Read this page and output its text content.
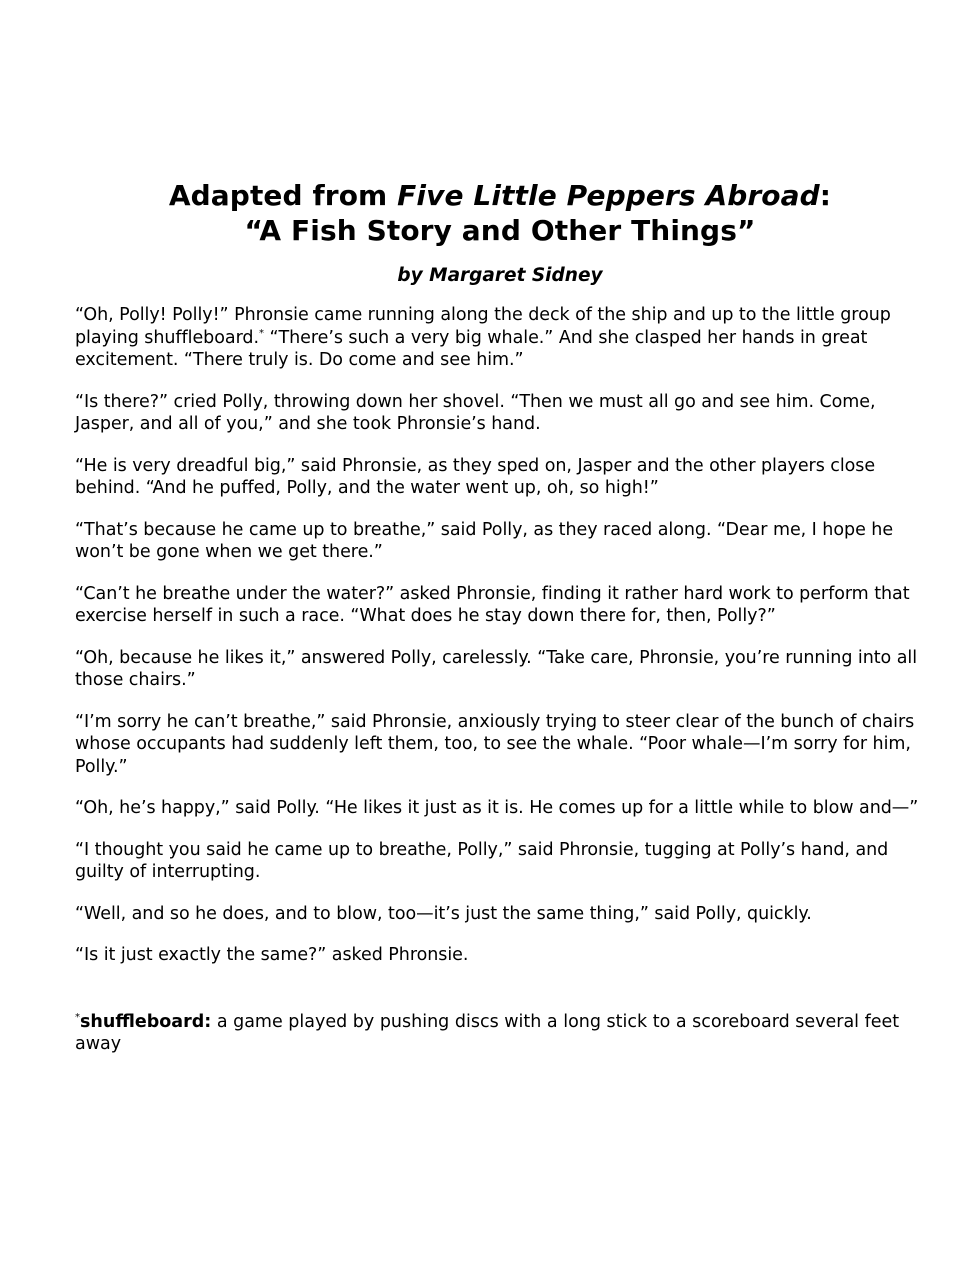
Adapted from Five Little Peppers Abroad:
“A Fish Story and Other Things”

by Margaret Sidney

“Oh, Polly! Polly!” Phronsie came running along the deck of the ship and up to the little group playing shuffleboard.* “There’s such a very big whale.” And she clasped her hands in great excitement. “There truly is. Do come and see him.”

“Is there?” cried Polly, throwing down her shovel. “Then we must all go and see him. Come, Jasper, and all of you,” and she took Phronsie’s hand.

“He is very dreadful big,” said Phronsie, as they sped on, Jasper and the other players close behind. “And he puffed, Polly, and the water went up, oh, so high!”

“That’s because he came up to breathe,” said Polly, as they raced along. “Dear me, I hope he won’t be gone when we get there.”

“Can’t he breathe under the water?” asked Phronsie, finding it rather hard work to perform that exercise herself in such a race. “What does he stay down there for, then, Polly?”

“Oh, because he likes it,” answered Polly, carelessly. “Take care, Phronsie, you’re running into all those chairs.”

“I’m sorry he can’t breathe,” said Phronsie, anxiously trying to steer clear of the bunch of chairs whose occupants had suddenly left them, too, to see the whale. “Poor whale—I’m sorry for him, Polly.”

“Oh, he’s happy,” said Polly. “He likes it just as it is. He comes up for a little while to blow and—”

“I thought you said he came up to breathe, Polly,” said Phronsie, tugging at Polly’s hand, and guilty of interrupting.

“Well, and so he does, and to blow, too—it’s just the same thing,” said Polly, quickly.

“Is it just exactly the same?” asked Phronsie.

*shuffleboard: a game played by pushing discs with a long stick to a scoreboard several feet away
